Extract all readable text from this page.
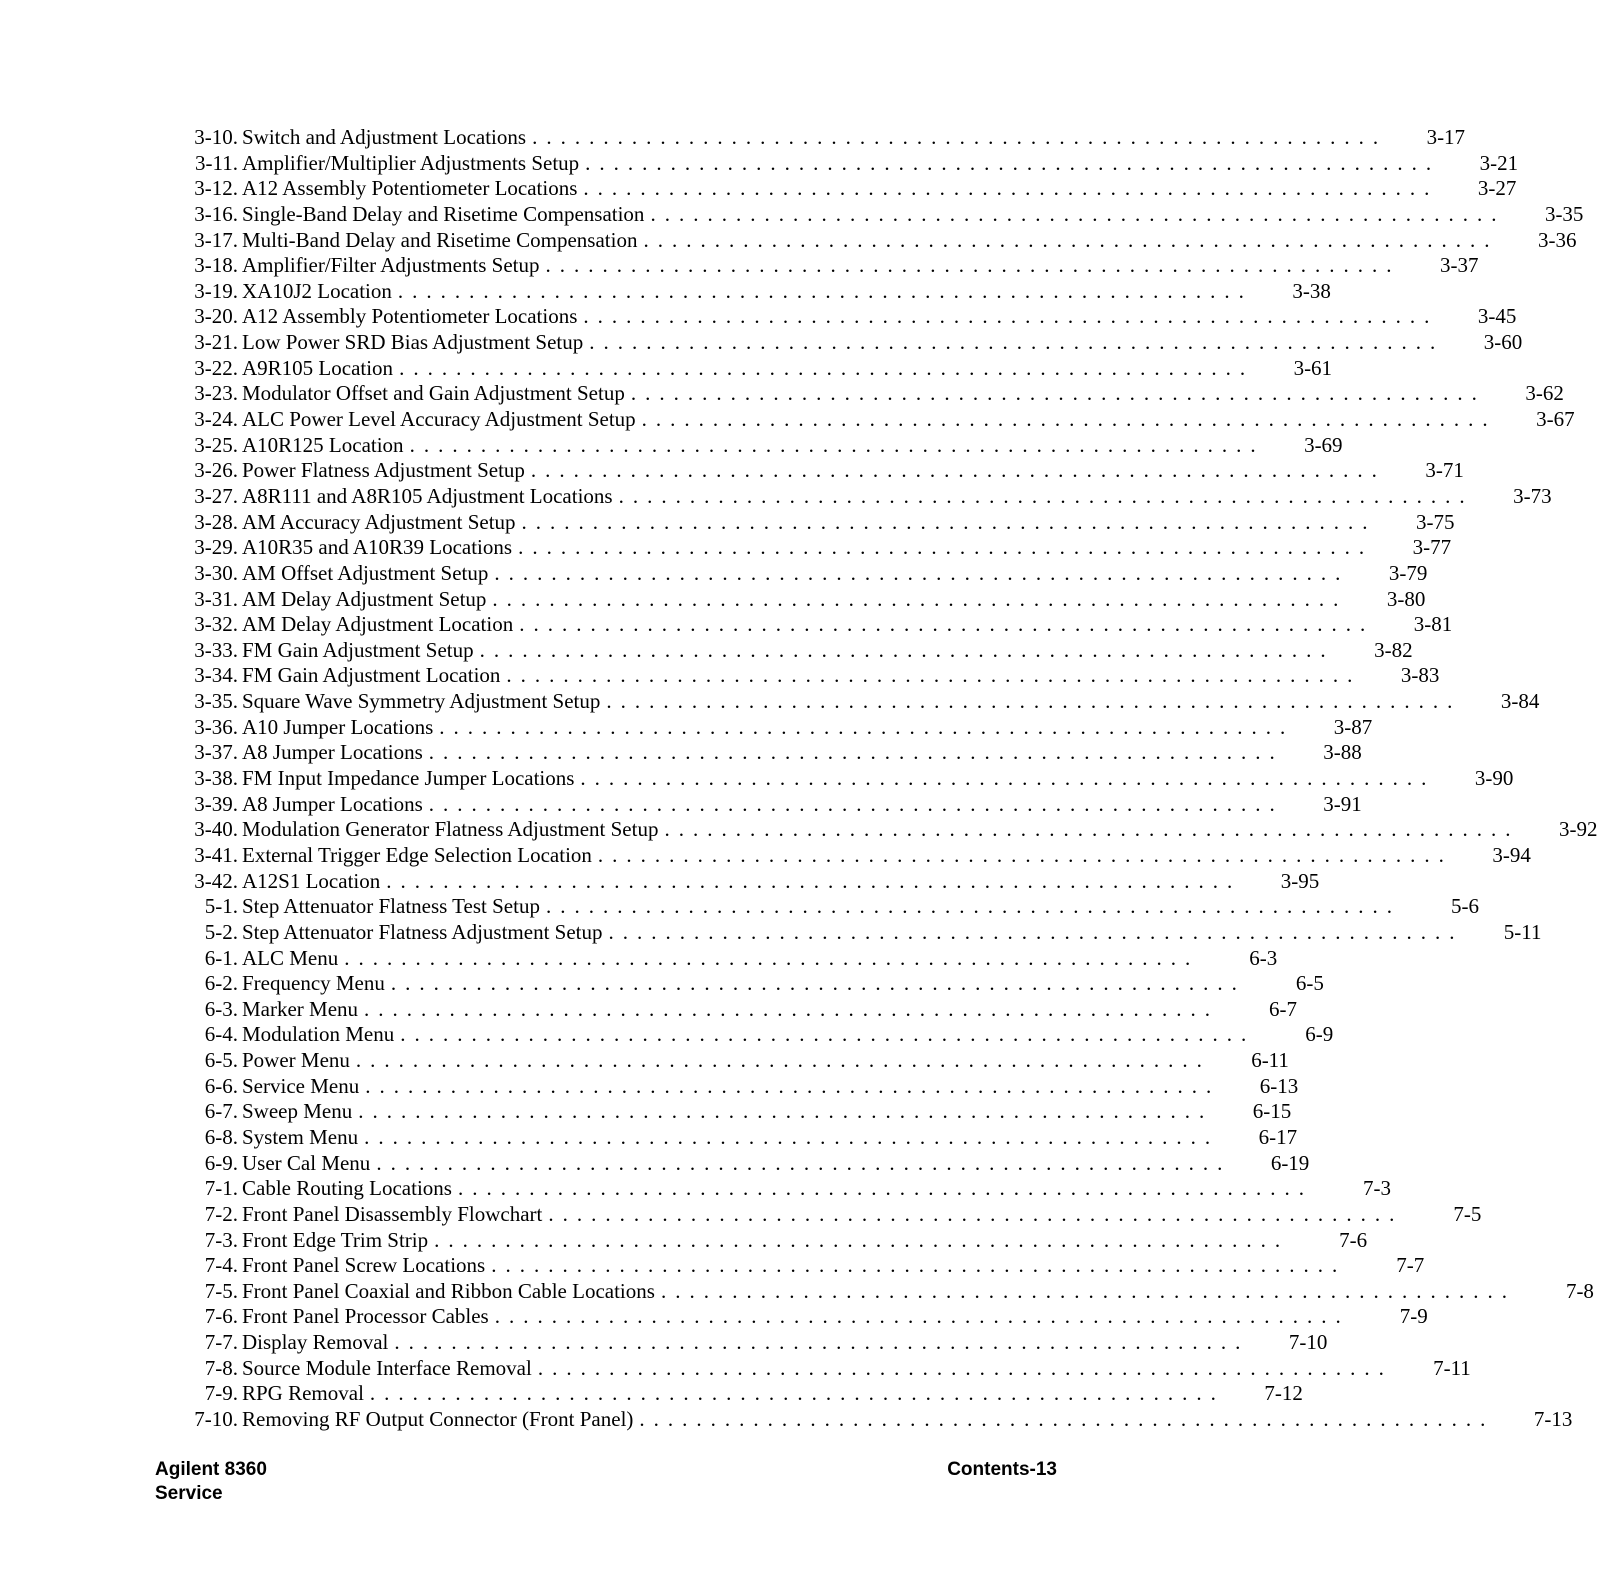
3-10. Switch and Adjustment Locations ............................................................	3-17
3-11. Amplifier/Multiplier Adjustments Setup ............................................................	3-21
3-12. A12 Assembly Potentiometer Locations ............................................................	3-27
3-16. Single-Band Delay and Risetime Compensation ............................................................	3-35
3-17. Multi-Band Delay and Risetime Compensation ............................................................	3-36
3-18. Amplifier/Filter Adjustments Setup ............................................................	3-37
3-19. XA10J2 Location ............................................................	3-38
3-20. A12 Assembly Potentiometer Locations ............................................................	3-45
3-21. Low Power SRD Bias Adjustment Setup ............................................................	3-60
3-22. A9R105 Location ............................................................	3-61
3-23. Modulator Offset and Gain Adjustment Setup ............................................................	3-62
3-24. ALC Power Level Accuracy Adjustment Setup ............................................................	3-67
3-25. A10R125 Location ............................................................	3-69
3-26. Power Flatness Adjustment Setup ............................................................	3-71
3-27. A8R111 and A8R105 Adjustment Locations ............................................................	3-73
3-28. AM Accuracy Adjustment Setup ............................................................	3-75
3-29. A10R35 and A10R39 Locations ............................................................	3-77
3-30. AM Offset Adjustment Setup ............................................................	3-79
3-31. AM Delay Adjustment Setup ............................................................	3-80
3-32. AM Delay Adjustment Location ............................................................	3-81
3-33. FM Gain Adjustment Setup ............................................................	3-82
3-34. FM Gain Adjustment Location ............................................................	3-83
3-35. Square Wave Symmetry Adjustment Setup ............................................................	3-84
3-36. A10 Jumper Locations ............................................................	3-87
3-37. A8 Jumper Locations ............................................................	3-88
3-38. FM Input Impedance Jumper Locations ............................................................	3-90
3-39. A8 Jumper Locations ............................................................	3-91
3-40. Modulation Generator Flatness Adjustment Setup ............................................................	3-92
3-41. External Trigger Edge Selection Location ............................................................	3-94
3-42. A12S1 Location ............................................................	3-95
5-1. Step Attenuator Flatness Test Setup ............................................................	5-6
5-2. Step Attenuator Flatness Adjustment Setup ............................................................	5-11
6-1. ALC Menu ............................................................	6-3
6-2. Frequency Menu ............................................................	6-5
6-3. Marker Menu ............................................................	6-7
6-4. Modulation Menu ............................................................	6-9
6-5. Power Menu ............................................................	6-11
6-6. Service Menu ............................................................	6-13
6-7. Sweep Menu ............................................................	6-15
6-8. System Menu ............................................................	6-17
6-9. User Cal Menu ............................................................	6-19
7-1. Cable Routing Locations ............................................................	7-3
7-2. Front Panel Disassembly Flowchart ............................................................	7-5
7-3. Front Edge Trim Strip ............................................................	7-6
7-4. Front Panel Screw Locations ............................................................	7-7
7-5. Front Panel Coaxial and Ribbon Cable Locations ............................................................	7-8
7-6. Front Panel Processor Cables ............................................................	7-9
7-7. Display Removal ............................................................	7-10
7-8. Source Module Interface Removal ............................................................	7-11
7-9. RPG Removal ............................................................	7-12
7-10. Removing RF Output Connector (Front Panel) ............................................................	7-13
Agilent 8360
Service
Contents-13
